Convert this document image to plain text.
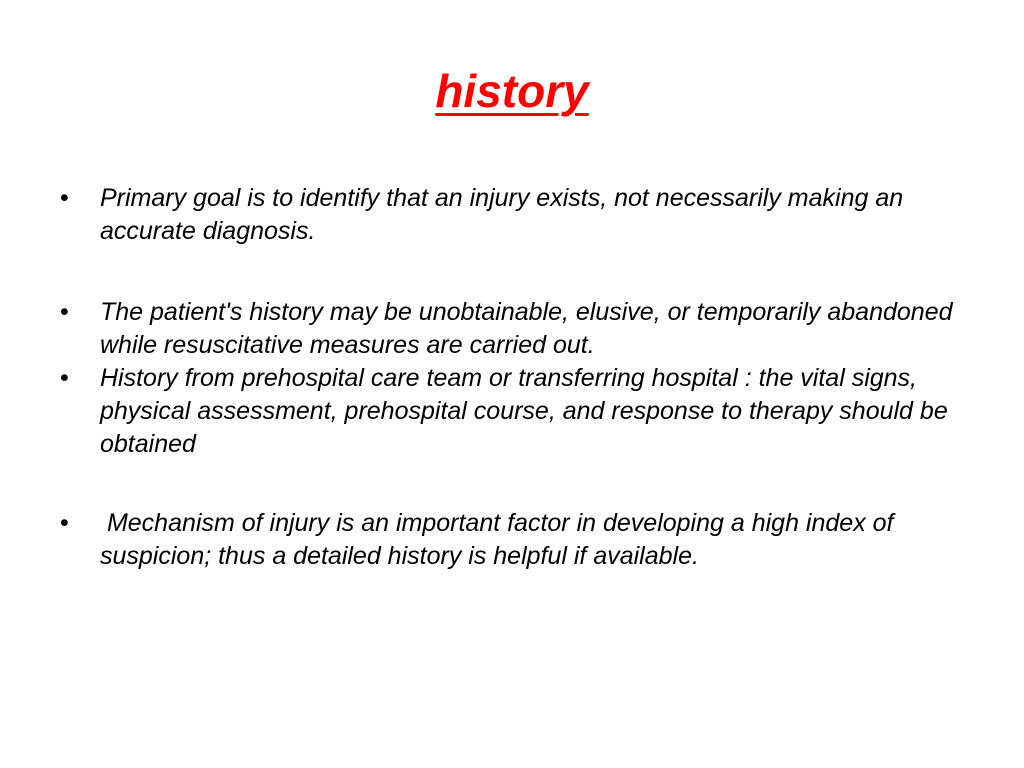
history
• Primary goal is to identify that an injury exists, not necessarily making an accurate diagnosis.
• The patient's history may be unobtainable, elusive, or temporarily abandoned while resuscitative measures are carried out.
• History from prehospital care team or transferring hospital : the vital signs, physical assessment, prehospital course, and response to therapy should be obtained
• Mechanism of injury is an important factor in developing a high index of suspicion; thus a detailed history is helpful if available.
